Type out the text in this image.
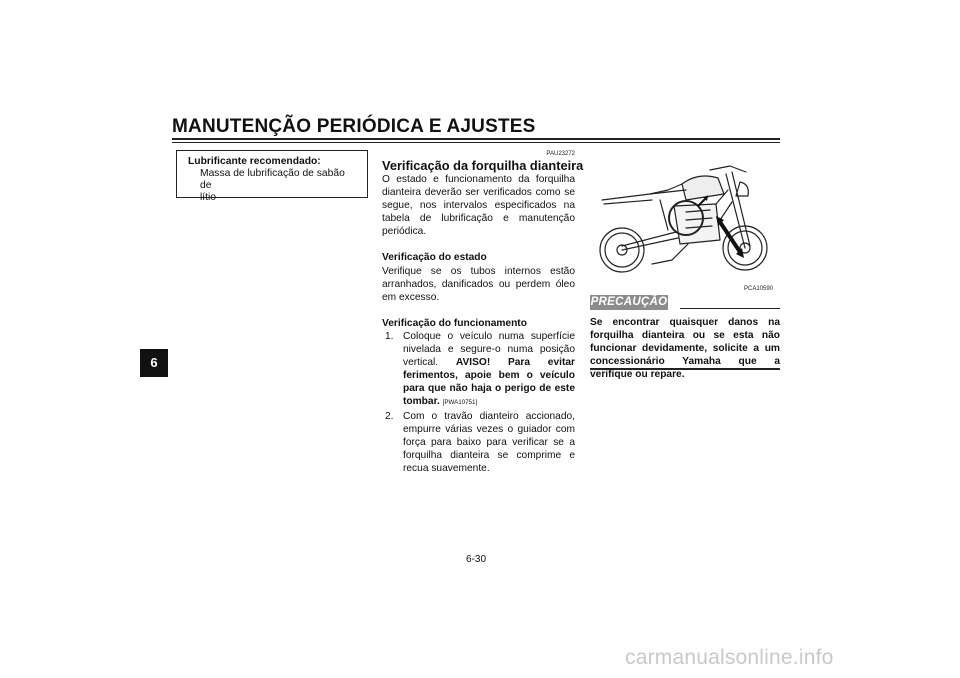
MANUTENÇÃO PERIÓDICA E AJUSTES
6
Lubrificante recomendado:
Massa de lubrificação de sabão de
lítio
PAU23272
Verificação da forquilha dianteira
O estado e funcionamento da forquilha dianteira deverão ser verificados como se segue, nos intervalos especificados na tabela de lubrificação e manutenção periódica.
Verificação do estado
Verifique se os tubos internos estão arranhados, danificados ou perdem óleo em excesso.
Verificação do funcionamento
1. Coloque o veículo numa superfície nivelada e segure-o numa posição vertical. AVISO! Para evitar ferimentos, apoie bem o veículo para que não haja o perigo de este tombar. [PWA10751]
2. Com o travão dianteiro accionado, empurre várias vezes o guiador com força para baixo para verificar se a forquilha dianteira se comprime e recua suavemente.
PCA10590
PRECAUÇÃO
Se encontrar quaisquer danos na forquilha dianteira ou se esta não funcionar devidamente, solicite a um concessionário Yamaha que a verifique ou repare.
6-30
carmanualsonline.info
